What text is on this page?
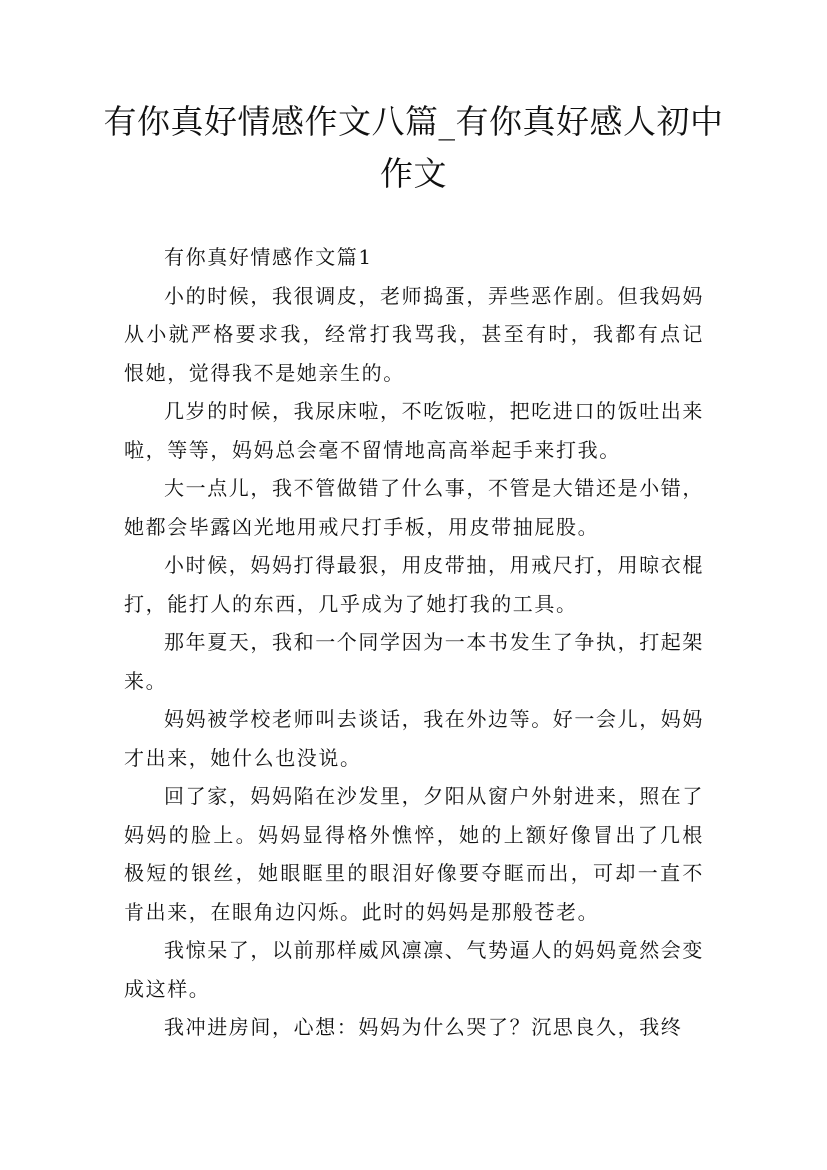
有你真好情感作文八篇_有你真好感人初中作文

有你真好情感作文篇1

小的时候，我很调皮，老师捣蛋，弄些恶作剧。但我妈妈从小就严格要求我，经常打我骂我，甚至有时，我都有点记恨她，觉得我不是她亲生的。

几岁的时候，我尿床啦，不吃饭啦，把吃进口的饭吐出来啦，等等，妈妈总会毫不留情地高高举起手来打我。

大一点儿，我不管做错了什么事，不管是大错还是小错，她都会毕露凶光地用戒尺打手板，用皮带抽屁股。

小时候，妈妈打得最狠，用皮带抽，用戒尺打，用晾衣棍打，能打人的东西，几乎成为了她打我的工具。

那年夏天，我和一个同学因为一本书发生了争执，打起架来。

妈妈被学校老师叫去谈话，我在外边等。好一会儿，妈妈才出来，她什么也没说。

回了家，妈妈陷在沙发里，夕阳从窗户外射进来，照在了妈妈的脸上。妈妈显得格外憔悴，她的上额好像冒出了几根极短的银丝，她眼眶里的眼泪好像要夺眶而出，可却一直不肯出来，在眼角边闪烁。此时的妈妈是那般苍老。

我惊呆了，以前那样威风凛凛、气势逼人的妈妈竟然会变成这样。

我冲进房间，心想：妈妈为什么哭了？沉思良久，我终
